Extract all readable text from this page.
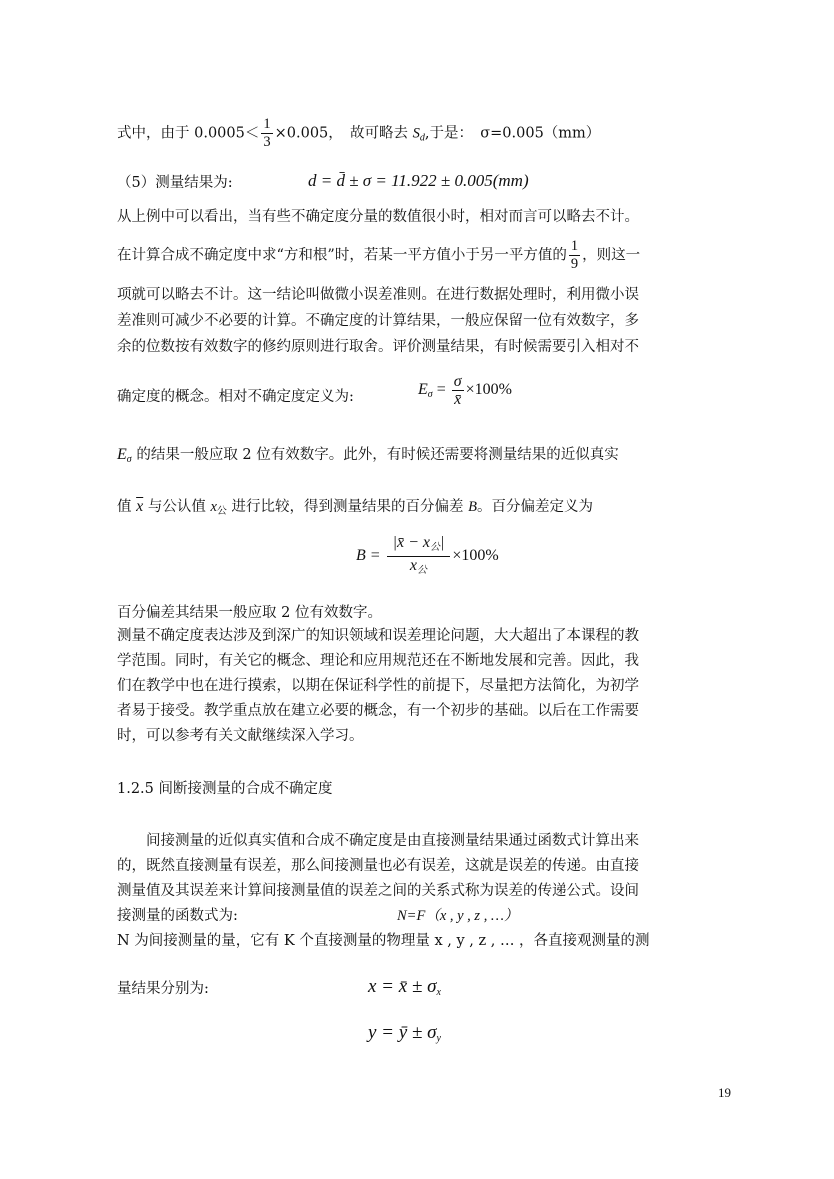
式中，由于 $0.0005< \frac{1}{3} \times 0.005$，　故可略去 $S_d$,于是：　σ=0.005（mm）
（5）测量结果为:	d = d̄ ± σ = 11.922 ± 0.005(mm)
从上例中可以看出，当有些不确定度分量的数值很小时，相对而言可以略去不计。
在计算合成不确定度中求“方和根”时，若某一平方值小于另一平方值的 $\frac{1}{9}$ ，则这一
项就可以略去不计。这一结论叫做微小误差准则。在进行数据处理时，利用微小误
差准则可减少不必要的计算。不确定度的计算结果，一般应保留一位有效数字，多
余的位数按有效数字的修约原则进行取舍。评价测量结果，有时候需要引入相对不
确定度的概念。相对不确定度定义为:	$E_\sigma = \frac{\sigma}{x̄} \times 100\%$
$E_\sigma$ 的结果一般应取 2 位有效数字。此外，有时候还需要将测量结果的近似真实
值 $\overline{x}$ 与公认值 $x_公$ 进行比较，得到测量结果的百分偏差 B。百分偏差定义为
$B = \frac{|x̄ - x_公|}{x_公} \times 100\%$
百分偏差其结果一般应取 2 位有效数字。
测量不确定度表达涉及到深广的知识领域和误差理论问题，大大超出了本课程的教
学范围。同时，有关它的概念、理论和应用规范还在不断地发展和完善。因此，我
们在教学中也在进行摸索，以期在保证科学性的前提下，尽量把方法简化，为初学
者易于接受。教学重点放在建立必要的概念，有一个初步的基础。以后在工作需要
时，可以参考有关文献继续深入学习。
1.2.5 间断接测量的合成不确定度
　　间接测量的近似真实值和合成不确定度是由直接测量结果通过函数式计算出来
的，既然直接测量有误差，那么间接测量也必有误差，这就是误差的传递。由直接
测量值及其误差来计算间接测量值的误差之间的关系式称为误差的传递公式。设间
接测量的函数式为:	N=F（x , y , z , …）
N 为间接测量的量，它有 K 个直接测量的物理量 x , y , z , … ，各直接观测量的测
量结果分别为:	x = x̄ ± $\sigma_x$
y = ȳ ± $\sigma_y$
19
